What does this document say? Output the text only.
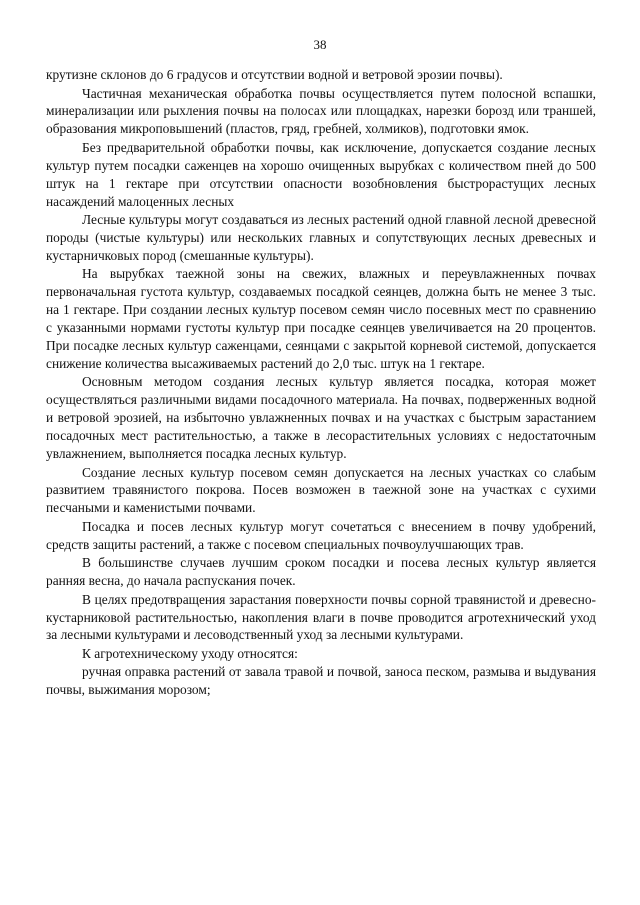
38

крутизне склонов до 6 градусов и отсутствии водной и ветровой эрозии почвы).

Частичная механическая обработка почвы осуществляется путем полосной вспашки, минерализации или рыхления почвы на полосах или площадках, нарезки борозд или траншей, образования микроповышений (пластов, гряд, гребней, холмиков), подготовки ямок.

Без предварительной обработки почвы, как исключение, допускается создание лесных культур путем посадки саженцев на хорошо очищенных вырубках с количеством пней до 500 штук на 1 гектаре при отсутствии опасности возобновления быстрорастущих лесных насаждений малоценных лесных

Лесные культуры могут создаваться из лесных растений одной главной лесной древесной породы (чистые культуры) или нескольких главных и сопутствующих лесных древесных и кустарничковых пород (смешанные культуры).

На вырубках таежной зоны на свежих, влажных и переувлажненных почвах первоначальная густота культур, создаваемых посадкой сеянцев, должна быть не менее 3 тыс. на 1 гектаре. При создании лесных культур посевом семян число посевных мест по сравнению с указанными нормами густоты культур при посадке сеянцев увеличивается на 20 процентов. При посадке лесных культур саженцами, сеянцами с закрытой корневой системой, допускается снижение количества высаживаемых растений до 2,0 тыс. штук на 1 гектаре.

Основным методом создания лесных культур является посадка, которая может осуществляться различными видами посадочного материала. На почвах, подверженных водной и ветровой эрозией, на избыточно увлажненных почвах и на участках с быстрым зарастанием посадочных мест растительностью, а также в лесорастительных условиях с недостаточным увлажнением, выполняется посадка лесных культур.

Создание лесных культур посевом семян допускается на лесных участках со слабым развитием травянистого покрова. Посев возможен в таежной зоне на участках с сухими песчаными и каменистыми почвами.

Посадка и посев лесных культур могут сочетаться с внесением в почву удобрений, средств защиты растений, а также с посевом специальных почвоулучшающих трав.

В большинстве случаев лучшим сроком посадки и посева лесных культур является ранняя весна, до начала распускания почек.

В целях предотвращения зарастания поверхности почвы сорной травянистой и древесно-кустарниковой растительностью, накопления влаги в почве проводится агротехнический уход за лесными культурами и лесоводственный уход за лесными культурами.

К агротехническому уходу относятся:

ручная оправка растений от завала травой и почвой, заноса песком, размыва и выдувания почвы, выжимания морозом;
